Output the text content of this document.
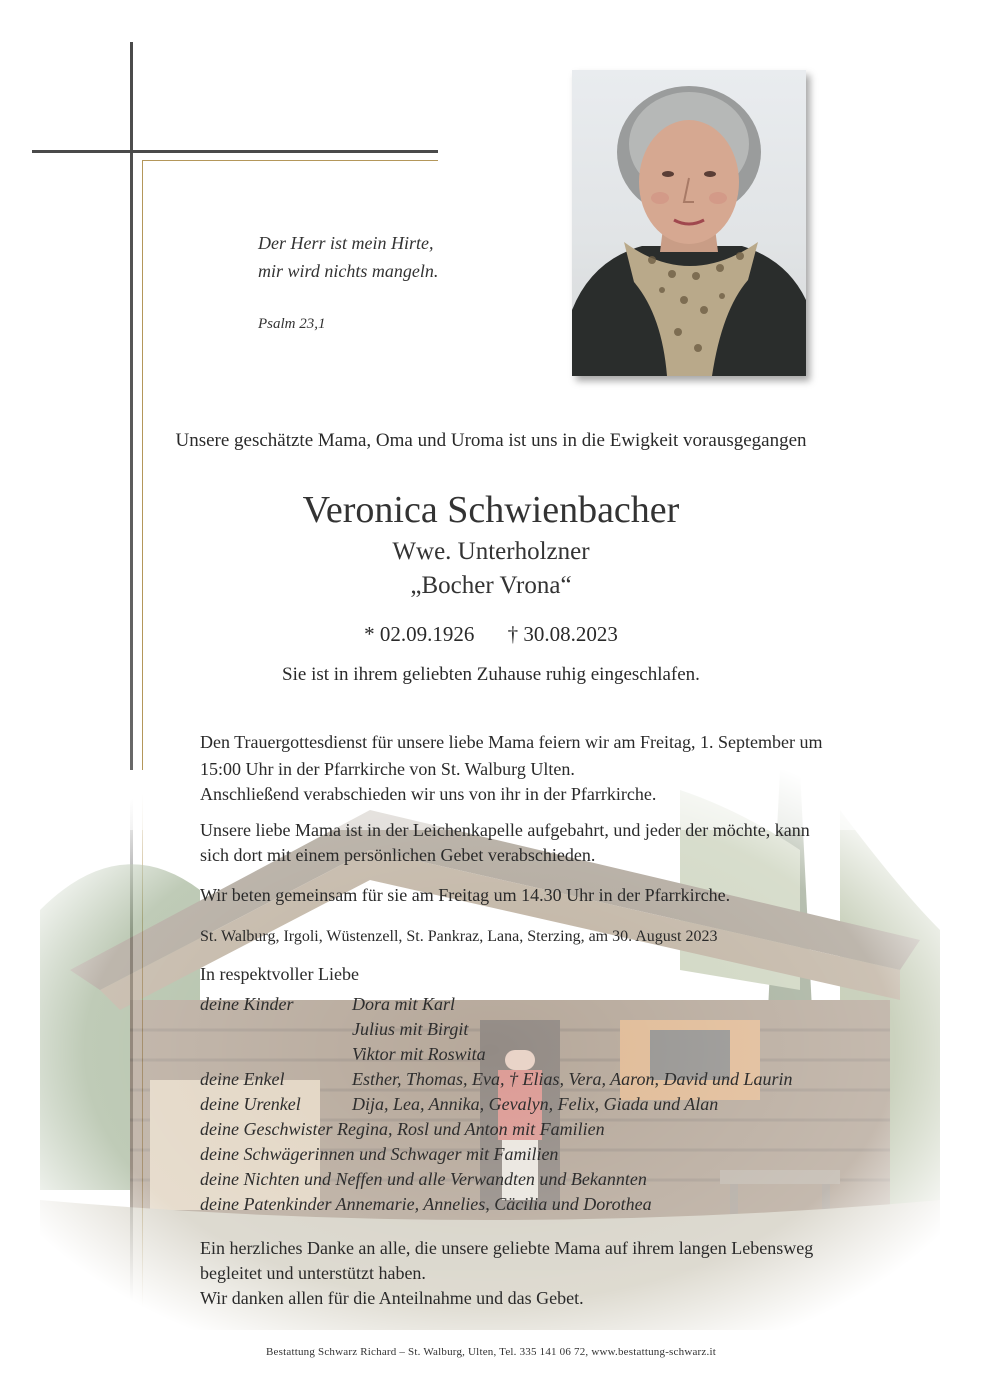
Der Herr ist mein Hirte,
mir wird nichts mangeln.
Psalm 23,1
Unsere geschätzte Mama, Oma und Uroma ist uns in die Ewigkeit vorausgegangen
Veronica Schwienbacher
Wwe. Unterholzner
„Bocher Vrona“
* 02.09.1926 † 30.08.2023
Sie ist in ihrem geliebten Zuhause ruhig eingeschlafen.
Den Trauergottesdienst für unsere liebe Mama feiern wir am Freitag, 1. September um
15:00 Uhr in der Pfarrkirche von St. Walburg Ulten.
Anschließend verabschieden wir uns von ihr in der Pfarrkirche.
Unsere liebe Mama ist in der Leichenkapelle aufgebahrt, und jeder der möchte, kann
sich dort mit einem persönlichen Gebet verabschieden.
Wir beten gemeinsam für sie am Freitag um 14.30 Uhr in der Pfarrkirche.
St. Walburg, Irgoli, Wüstenzell, St. Pankraz, Lana, Sterzing, am 30. August 2023
In respektvoller Liebe
deine Kinder	Dora mit Karl
Julius mit Birgit
Viktor mit Roswita
deine Enkel	Esther, Thomas, Eva, † Elias, Vera, Aaron, David und Laurin
deine Urenkel	Dija, Lea, Annika, Gevalyn, Felix, Giada und Alan
deine Geschwister Regina, Rosl und Anton mit Familien
deine Schwägerinnen und Schwager mit Familien
deine Nichten und Neffen und alle Verwandten und Bekannten
deine Patenkinder Annemarie, Annelies, Cäcilia und Dorothea
Ein herzliches Danke an alle, die unsere geliebte Mama auf ihrem langen Lebensweg
begleitet und unterstützt haben.
Wir danken allen für die Anteilnahme und das Gebet.
Bestattung Schwarz Richard – St. Walburg, Ulten, Tel. 335 141 06 72, www.bestattung-schwarz.it
